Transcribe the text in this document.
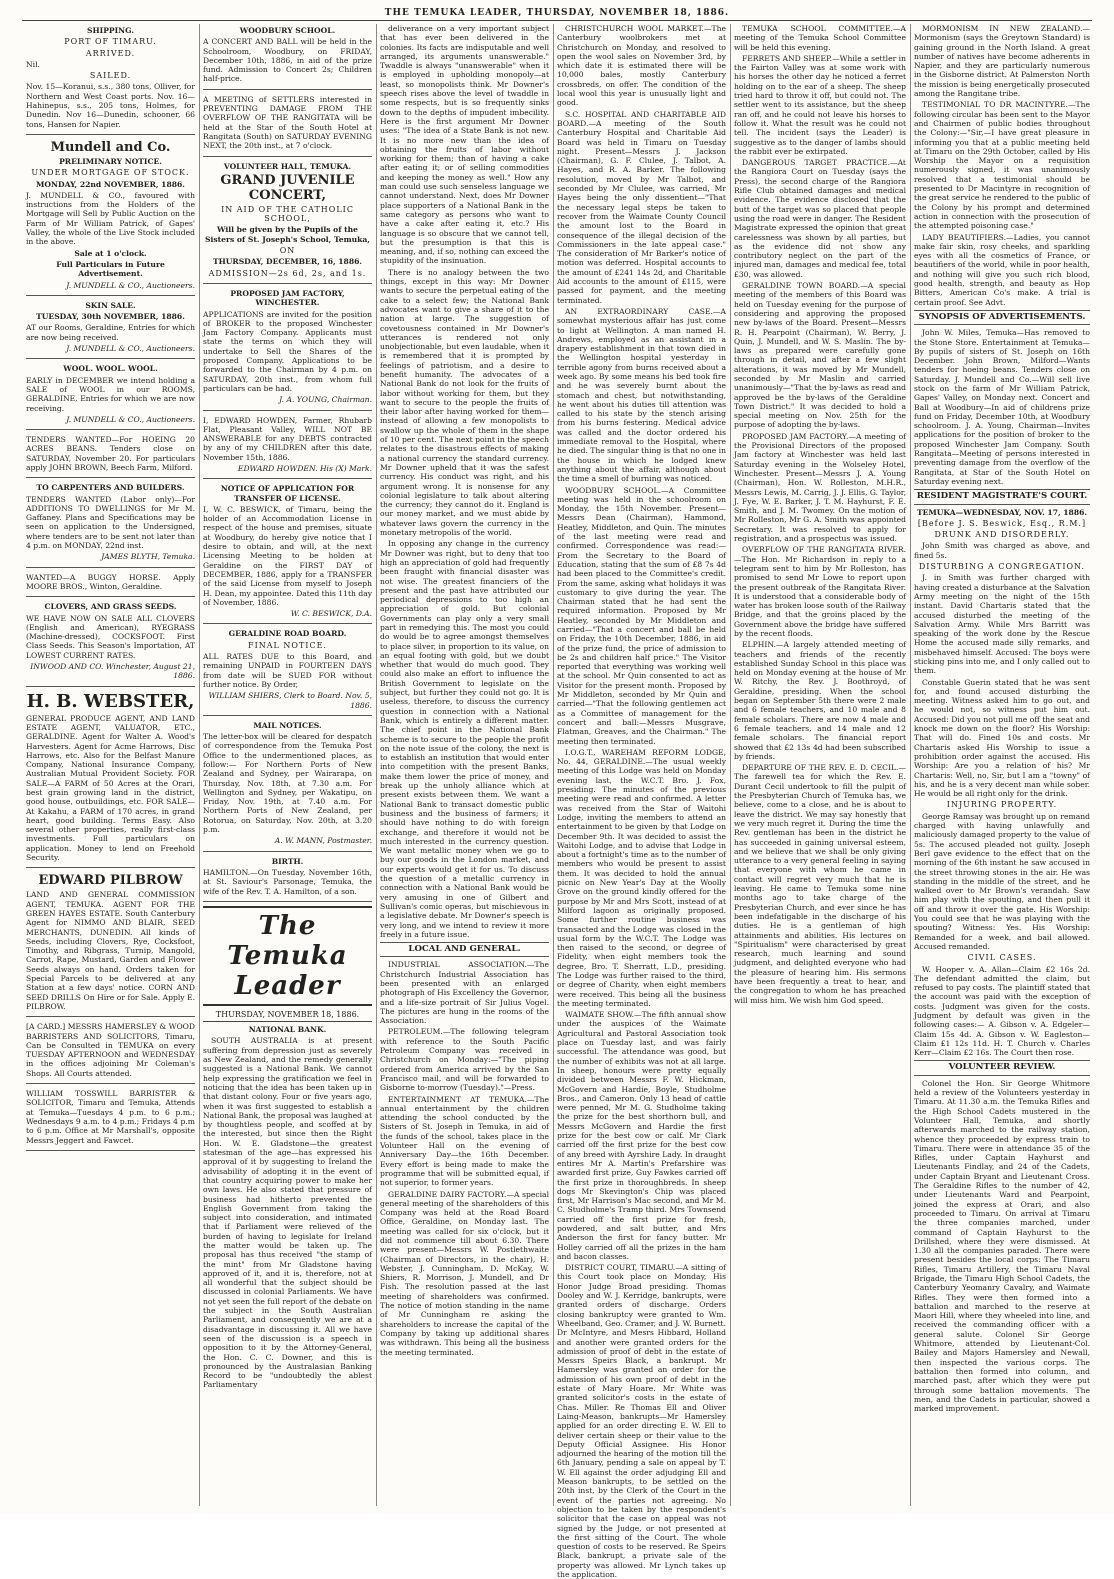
THE TEMUKA LEADER, THURSDAY, NOVEMBER 18, 1886.

SHIPPING.

PORT OF TIMARU.

ARRIVED.

Nil.

SAILED.

Nov. 15—Koranui, s.s., 380 tons, Olliver, for Northern and West Coast ports. Nov. 16—Hahinepus, s.s., 205 tons, Holmes, for Dunedin. Nov 16—Dunedin, schooner, 66 tons, Hansen for Napier.

Mundell and Co.

PRELIMINARY NOTICE.

UNDER MORTGAGE OF STOCK.

MONDAY, 22nd NOVEMBER, 1886.

J. MUNDELL & CO., favoured with instructions from the Holders of the Mortgage will Sell by Public Auction on the Farm of Mr William Patrick, of Gapes' Valley, the whole of the Live Stock included in the above.

Sale at 1 o'clock.

Full Particulars in Future Advertisement.

J. MUNDELL & CO., Auctioneers.

SKIN SALE.

TUESDAY, 30th NOVEMBER, 1886.

AT our Rooms, Geraldine, Entries for which are now being received.

J. MUNDELL & CO., Auctioneers.

WOOL. WOOL. WOOL.

EARLY in DECEMBER we intend holding a SALE of WOOL in our ROOMS, GERALDINE, Entries for which we are now receiving.

J. MUNDELL & CO., Auctioneers.

TENDERS WANTED—For HOEING 20 ACRES BEANS. Tenders close on SATURDAY, November 20. For particulars apply JOHN BROWN, Beech Farm, Milford.

TO CARPENTERS AND BUILDERS.

TENDERS WANTED (Labor only)—For ADDITIONS TO DWELLINGS for Mr M. Gaffaney. Plans and Specifications may be seen on application to the Undersigned, where tenders are to be sent not later than 4 p.m. on MONDAY, 22nd inst.

JAMES BLYTH, Temuka.

WANTED—A BUGGY HORSE. Apply MOORE BROS., Winton, Geraldine.

CLOVERS, AND GRASS SEEDS.

WE HAVE NOW ON SALE ALL CLOVERS (English and American), RYEGRASS (Machine-dressed), COCKSFOOT. First Class Seeds. This Season's Importation, AT LOWEST CURRENT RATES.

INWOOD AND CO. Winchester, August 21, 1886.

H. B. WEBSTER,

GENERAL PRODUCE AGENT, AND LAND ESTATE AGENT, VALUATOR, ETC., GERALDINE. Agent for Walter A. Wood's Harvesters. Agent for Acme Harrows, Disc Harrows, etc. Also for the Belfast Manure Company, National Insurance Company, Australian Mutual Provident Society. FOR SALE—A FARM of 50 Acres at the Orari, best grain growing land in the district, good house, outbuildings, etc. FOR SALE—At Kakahu, a FARM of 170 acres, in grand heart, good building. Terms Easy. Also several other properties, really first-class investments. Full particulars on application. Money to lend on Freehold Security.

EDWARD PILBROW

LAND AND GENERAL COMMISSION AGENT, TEMUKA. AGENT FOR THE GREEN HAYES ESTATE. South Canterbury Agent for NIMMO AND BLAIR, SEED MERCHANTS, DUNEDIN. All kinds of Seeds, including Clovers, Rye, Cocksfoot, Timothy, and Ribgrass, Turnip, Mangold, Carrot, Rape, Mustard, Garden and Flower Seeds always on hand. Orders taken for Special Parcels to be delivered at any Station at a few days' notice. CORN AND SEED DRILLS On Hire or for Sale. Apply E. PILBROW.

[A CARD.] MESSRS HAMERSLEY & WOOD BARRISTERS AND SOLICITORS, Timaru, Can be Consulted in TEMUKA on every TUESDAY AFTERNOON and WEDNESDAY in the offices adjoining Mr Coleman's Shops. All Courts attended.

WILLIAM TOSSWILL BARRISTER & SOLICITOR, Timaru and Temuka, Attends at Temuka—Tuesdays 4 p.m. to 6 p.m.; Wednesdays 9 a.m. to 4 p.m.; Fridays 4 p.m to 6 p.m. Office at Mr Marshall's, opposite Messrs Jeggert and Fawcet.

WOODBURY SCHOOL.

A CONCERT AND BALL will be held in the Schoolroom, Woodbury, on FRIDAY, December 10th, 1886, in aid of the prize fund. Admission to Concert 2s; Children half-price.

A MEETING of SETTLERS interested in PREVENTING DAMAGE FROM THE OVERFLOW OF THE RANGITATA will be held at the Star of the South Hotel at Rangitata (South) on SATURDAY EVENING NEXT, the 20th inst., at 7 o'clock.

VOLUNTEER HALL, TEMUKA.

GRAND JUVENILE CONCERT,

IN AID OF THE CATHOLIC SCHOOL,

Will be given by the Pupils of the Sisters of St. Joseph's School, Temuka,

ON

THURSDAY, DECEMBER, 16, 1886.

ADMISSION—2s 6d, 2s, and 1s.

PROPOSED JAM FACTORY, WINCHESTER.

APPLICATIONS are invited for the position of BROKER to the proposed Winchester Jam Factory Company. Applicants must state the terms on which they will undertake to Sell the Shares of the proposed Company. Applications to be forwarded to the Chairman by 4 p.m. on SATURDAY, 20th inst., from whom full particulars can be had.

J. A. YOUNG, Chairman.

I, EDWARD HOWDEN, Farmer, Rhubarb Flat, Pleasant Valley, WILL NOT BE ANSWERABLE for any DEBTS contracted by any of my CHILDREN after this date, November 15th, 1886.

EDWARD HOWDEN. His (X) Mark.

NOTICE OF APPLICATION FOR TRANSFER OF LICENSE.

I, W. C. BESWICK, of Timaru, being the holder of an Accommodation License in respect of the house and premises, situate at Woodbury, do hereby give notice that I desire to obtain, and will, at the next Licensing Meeting to be holden at Geraldine on the FIRST DAY of DECEMBER, 1886, apply for a TRANSFER of the said License from myself to Joseph H. Dean, my appointee. Dated this 11th day of November, 1886.

W. C. BESWICK, D.A.

GERALDINE ROAD BOARD.

FINAL NOTICE.

ALL RATES DUE to this Board, and remaining UNPAID in FOURTEEN DAYS from date will be SUED FOR without further notice. By Order,

WILLIAM SHIERS, Clerk to Board. Nov. 5, 1886.

MAIL NOTICES.

The letter-box will be cleared for despatch of correspondence from the Temuka Post Office to the undermentioned places, as follow:— For Northern Ports of New Zealand and Sydney, per Wairarapa, on Thursday, Nov. 18th, at 7.30 a.m. For Wellington and Sydney, per Wakatipu, on Friday, Nov. 19th, at 7.40 a.m. For Northern Ports of New Zealand, per Rotorua, on Saturday, Nov. 20th, at 3.20 p.m.

A. W. MANN, Postmaster.

BIRTH.

HAMILTON.—On Tuesday, November 16th, at St. Saviour's Parsonage, Temuka, the wife of the Rev. T. A. Hamilton, of a son.

The Temuka Leader

THURSDAY, NOVEMBER 18, 1886.

NATIONAL BANK.

SOUTH AUSTRALIA is at present suffering from depression just as severely as New Zealand, and the remedy generally suggested is a National Bank. We cannot help expressing the gratification we feel in noticing that the idea has been taken up in that distant colony. Four or five years ago, when it was first suggested to establish a National Bank, the proposal was laughed at by thoughtless people, and scoffed at by the interested, but since then the Right Hon. W. E. Gladstone—the greatest statesman of the age—has expressed his approval of it by suggesting to Ireland the advisability of adopting it in the event of that country acquiring power to make her own laws. He also stated that pressure of business had hitherto prevented the English Government from taking the subject into consideration, and intimated that if Parliament were relieved of the burden of having to legislate for Ireland the matter would be taken up. The proposal has thus received "the stamp of the mint" from Mr Gladstone having approved of it, and it is, therefore, not at all wonderful that the subject should be discussed in colonial Parliaments. We have not yet seen the full report of the debate on the subject in the South Australian Parliament, and consequently we are at a disadvantage in discussing it. All we have seen of the discussion is a speech in opposition to it by the Attorney-General, the Hon. C. C. Downer, and this is pronounced by the Australasian Banking Record to be "undoubtedly the ablest Parliamentary

deliverance on a very important subject that has ever been delivered in the colonies. Its facts are indisputable and well arranged, its arguments unanswerable." Twaddle is always "unanswerable" when it is employed in upholding monopoly—at least, so monopolists think. Mr Downer's speech rises above the level of twaddle in some respects, but is so frequently sinks down to the depths of impudent imbecility. Here is the first argument Mr Downer uses: "The idea of a State Bank is not new. It is no more new than the idea of obtaining the fruits of labor without working for them; than of having a cake after eating it; or of selling commodities and keeping the money as well." How any man could use such senseless language we cannot understand. Next, does Mr Downer place supporters of a National Bank in the same category as persons who want to have a cake after eating it, etc.? His language is so obscure that we cannot tell, but the presumption is that this is meaning, and, if so, nothing can exceed the stupidity of the insinuation.

There is no analogy between the two things, except in this way: Mr Downer wants to secure the perpetual eating of the cake to a select few; the National Bank advocates want to give a share of it to the nation at large. The suggestion of covetousness contained in Mr Downer's utterances is rendered not only unobjectionable, but even laudable, when it is remembered that it is prompted by feelings of patriotism, and a desire to benefit humanity. The advocates of a National Bank do not look for the fruits of labor without working for them, but they want to secure to the people the fruits of their labor after having worked for them—instead of allowing a few monopolists to swallow up the whole of them in the shape of 10 per cent. The next point in the speech relates to the disastrous effects of making a national currency the standard currency. Mr Downer upheld that it was the safest currency. His conduct was right, and his argument wrong. It is nonsense for any colonial legislature to talk about altering the currency; they cannot do it. England is our money market, and we must abide by whatever laws govern the currency in the monetary metropolis of the world.

In opposing any change in the currency Mr Downer was right, but to deny that too high an appreciation of gold had frequently been fraught with financial disaster was not wise. The greatest financiers of the present and the past have attributed our periodical depressions to too high an appreciation of gold. But colonial Governments can play only a very small part in remedying this. The most you could do would be to agree amongst themselves to place silver, in proportion to its value, on an equal footing with gold, but we doubt whether that would do much good. They could also make an effort to influence the British Government to legislate on the subject, but further they could not go. It is useless, therefore, to discuss the currency question in connection with a National Bank, which is entirely a different matter. The chief point in the National Bank scheme is to secure to the people the profit on the note issue of the colony, the next is to establish an institution that would enter into competition with the present Banks, make them lower the price of money, and break up the unholy alliance which at present exists between them. We want a National Bank to transact domestic public business and the business of farmers; it should have nothing to do with foreign exchange, and therefore it would not be much interested in the currency question. We want metallic money when we go to buy our goods in the London market, and our experts would get it for us. To discuss the question of a metallic currency in connection with a National Bank would be very amusing in one of Gilbert and Sullivan's comic operas, but mischievous in a legislative debate. Mr Downer's speech is very long, and we intend to review it more freely in a future issue.

LOCAL AND GENERAL.

INDUSTRIAL ASSOCIATION.—The Christchurch Industrial Association has been presented with an enlarged photograph of His Excellency the Governor, and a life-size portrait of Sir Julius Vogel. The pictures are hung in the rooms of the Association.

PETROLEUM.—The following telegram with reference to the South Pacific Petroleum Company was received in Christchurch on Monday:—"The piping ordered from America arrived by the San Francisco mail, and will be forwarded to Gisborne to-morrow (Tuesday)."—Press.

ENTERTAINMENT AT TEMUKA.—The annual entertainment by the children attending the school conducted by the Sisters of St. Joseph in Temuka, in aid of the funds of the school, takes place in the Volunteer Hall on the evening of Anniversary Day—the 16th December. Every effort is being made to make the programme that will be submitted equal, if not superior, to former years.

GERALDINE DAIRY FACTORY.—A special general meeting of the shareholders of this Company was held at the Road Board Office, Geraldine, on Monday last. The meeting was called for six o'clock, but it did not commence till about 6.30. There were present—Messrs W. Postlethwaite (Chairman of Directors, in the chair), H. Webster, J. Cunningham, D. McKay, W. Shiers, R. Morrison, J. Mundell, and Dr Fish. The resolution passed at the last meeting of shareholders was confirmed. The notice of motion standing in the name of Mr Cunningham re asking the shareholders to increase the capital of the Company by taking up additional shares was withdrawn. This being all the business the meeting terminated.

CHRISTCHURCH WOOL MARKET.—The Canterbury woolbrokers met at Christchurch on Monday, and resolved to open the wool sales on November 3rd, by which date it is estimated there will be 10,000 bales, mostly Canterbury crossbreds, on offer. The condition of the local wool this year is unusually light and good.

S.C. HOSPITAL AND CHARITABLE AID BOARD.—A meeting of the South Canterbury Hospital and Charitable Aid Board was held in Timaru on Tuesday night. Present—Messrs J. Jackson (Chairman), G. F. Clulee, J. Talbot, A. Hayes, and R. A. Barker. The following resolution, moved by Mr Talbot, and seconded by Mr Clulee, was carried, Mr Hayes being the only dissentient—"That the necessary legal steps be taken to recover from the Waimate County Council the amount lost to the Board in consequence of the illegal decision of the Commissioners in the late appeal case." The consideration of Mr Barker's notice of motion was deferred. Hospital accounts to the amount of £241 14s 2d, and Charitable Aid accounts to the amount of £115, were passed for payment, and the meeting terminated.

AN EXTRAORDINARY CASE.—A somewhat mysterious affair has just come to light at Wellington. A man named H. Andrews, employed as an assistant in a drapery establishment in that town died in the Wellington hospital yesterday in terrible agony from burns received about a week ago. By some means his bed took fire and he was severely burnt about the stomach and chest, but notwithstanding, he went about his duties till attention was called to his state by the stench arising from his burns festering. Medical advice was called and the doctor ordered his immediate removal to the Hospital, where he died. The singular thing is that no one in the house in which he lodged knew anything about the affair, although about the time a smell of burning was noticed.

WOODBURY SCHOOL.—A Committee meeting was held in the schoolroom on Monday, the 15th November. Present—Messrs Dean (Chairman), Hammond, Heatley, Middleton, and Quin. The minutes of the last meeting were read and confirmed. Correspondence was read:—From the Secretary to the Board of Education, stating that the sum of £8 7s 4d had been placed to the Committee's credit. From the same, asking what holidays it was customary to give during the year. The Chairman stated that he had sent the required information. Proposed by Mr Heatley, seconded by Mr Middleton and carried—"That a concert and ball be held on Friday, the 10th December, 1886, in aid of the prize fund, the price of admission to be 2s and children half price." The Visitor reported that everything was working well at the school. Mr Quin consented to act as Visitor for the present month. Proposed by Mr Middleton, seconded by Mr Quin and carried—"That the following gentlemen act as a Committee of management for the concert and ball:—Messrs Musgrave, Flatman, Greaves, and the Chairman." The meeting then terminated.

I.O.G.T., WAREHAM REFORM LODGE, No. 44, GERALDINE.—The usual weekly meeting of this Lodge was held on Monday evening last, the W.C.T. Bro. J. Fox, presiding. The minutes of the previous meeting were read and confirmed. A letter was received from the Star of Waitohi Lodge, inviting the members to attend an entertainment to be given by that Lodge on December 9th. It was decided to assist the Waitohi Lodge, and to advise that Lodge in about a fortnight's time as to the number of members who would be present to assist them. It was decided to hold the annual picnic on New Year's Day at the Woolly Grove on the ground kindly offered for the purpose by Mr and Mrs Scott, instead of at Milford lagoon as originally proposed. Some further routine business was transacted and the Lodge was closed in the usual form by the W.C.T. The Lodge was then raised to the second, or degree of Fidelity, when eight members took the degree, Bro. T. Sherratt, L.D., presiding. The Lodge was further raised to the third, or degree of Charity, when eight members were received. This being all the business the meeting terminated.

WAIMATE SHOW.—The fifth annual show under the auspices of the Waimate Agricultural and Pastoral Association took place on Tuesday last, and was fairly successful. The attendance was good, but the number of exhibits was not at all large. In sheep, honours were pretty equally divided between Messrs F. W. Hickman, McGovern and Hardie, Boyle, Studholme Bros., and Cameron. Only 13 head of cattle were penned, Mr M. G. Studholme taking the prize for the best shorthorn bull, and Messrs McGovern and Hardie the first prize for the best cow or calf. Mr Clark carried off the first prize for the best cow of any breed with Ayrshire Lady. In draught entires Mr A. Martin's Prefarshire was awarded first prize, Guy Fawkes carried off the first prize in thoroughbreds. In sheep dogs Mr Skevington's Chip was placed first, Mr Harrison's Mac second, and Mr M. C. Studholme's Tramp third. Mrs Townsend carried off the first prize for fresh, powdered, and salt butter, and Mrs Anderson the first for fancy butter. Mr Holley carried off all the prizes in the ham and bacon classes.

DISTRICT COURT, TIMARU.—A sitting of this Court took place on Monday, His Honor Judge Broad presiding. Thomas Dooley and W. J. Kerridge, bankrupts, were granted orders of discharge. Orders closing bankruptcy were granted to Wm. Wheelband, Geo. Cramer, and J. W. Burnett. Dr McIntyre, and Mesrs Hibbard, Holland and another were granted orders for the admission of proof of debt in the estate of Messrs Speirs Black, a bankrupt. Mr Hamersley was granted an order for the admission of his own proof of debt in the estate of Mary Hoare. Mr White was granted solicitor's costs in the estate of Chas. Miller. Re Thomas Ell and Oliver Laing-Meason, bankrupts—Mr Hamersley applied for an order directing E. W. Ell to deliver certain sheep or their value to the Deputy Official Assignee. His Honor adjourned the hearing of the motion till the 6th January, pending a sale on appeal by T. W. Ell against the order adjudging Ell and Meason bankrupts, to be settled on the 20th inst, by the Clerk of the Court in the event of the parties not agreeing. No objection to be taken by the respondent's solicitor that the case on appeal was not signed by the Judge, or not presented at the first sitting of the Court. The whole question of costs to be reserved. Re Speirs Black, bankrupt, a private sale of the property was allowed. Mr Lynch takes up the application.

TEMUKA SCHOOL COMMITTEE.—A meeting of the Temuka School Committee will be held this evening.

FERRETS AND SHEEP.—While a settler in the Fairton Valley was at some work with his horses the other day he noticed a ferret holding on to the ear of a sheep. The sheep tried hard to throw it off, but could not. The settler went to its assistance, but the sheep ran off, and he could not leave his horses to follow it. What the result was he could not tell. The incident (says the Leader) is suggestive as to the danger of lambs should the rabbit ever be extirpated.

DANGEROUS TARGET PRACTICE.—At the Rangiora Court on Tuesday (says the Press), the second charge of the Rangiora Rifle Club obtained damages and medical evidence. The evidence disclosed that the butt of the target was so placed that people using the road were in danger. The Resident Magistrate expressed the opinion that great carelessness was shown by all parties, but as the evidence did not show any contributory neglect on the part of the injured man, damages and medical fee, total £30, was allowed.

GERALDINE TOWN BOARD.—A special meeting of the members of this Board was held on Tuesday evening for the purpose of considering and approving the proposed new by-laws of the Board. Present—Messrs R. H. Pearpoint (Chairman), W. Berry, J. Quin, J. Mundell, and W. S. Maslin. The by-laws as prepared were carefully gone through in detail, and after a few slight alterations, it was moved by Mr Mundell, seconded by Mr Maslin and carried unanimously—"That the by-laws as read and approved be the by-laws of the Geraldine Town District." It was decided to hold a special meeting on Nov. 25th for the purpose of adopting the by-laws.

PROPOSED JAM FACTORY.—A meeting of the Provisional Directors of the proposed Jam factory at Winchester was held last Saturday evening in the Wolseley Hotel, Winchester. Present—Messrs J. A. Young (Chairman), Hon. W. Rolleston, M.H.R., Messrs Lewis, M. Carrig, J. J. Ellis, G. Taylor, J. Fye, W. E. Barker, J. T. M. Hayhurst, F. E. Smith, and J. M. Twomey. On the motion of Mr Rolleston, Mr G. A. Smith was appointed Secretary. It was resolved to apply for registration, and a prospectus was issued.

OVERFLOW OF THE RANGITATA RIVER.—The Hon. Mr Richardson in reply to a telegram sent to him by Mr Rolleston, has promised to send Mr Lowe to report upon the present outbreak of the Rangitata River. It is understood that a considerable body of water has broken loose south of the Railway Bridge, and that the groins placed by the Government above the bridge have suffered by the recent floods.

ELPHIN.—A largely attended meeting of teachers and friends of the recently established Sunday School in this place was held on Monday evening at the house of Mr W. Ritchy, the Rev. J. Boothroyd, of Geraldine, presiding. When the school began on September 5th there were 2 male and 6 female teachers, and 10 male and 8 female scholars. There are now 4 male and 6 female teachers, and 14 male and 12 female scholars. The financial report showed that £2 13s 4d had been subscribed by friends.

DEPARTURE OF THE REV. E. D. CECIL.—The farewell tea for which the Rev. E. Durant Cecil undertook to fill the pulpit of the Presbyterian Church of Temuka has, we believe, come to a close, and he is about to leave the district. We may say honestly that we very much regret it. During the time the Rev. gentleman has been in the district he has succeeded in gaining universal esteem, and we believe that we shall be only giving utterance to a very general feeling in saying that everyone with whom he came in contact will regret very much that he is leaving. He came to Temuka some nine months ago to take charge of the Presbyterian Church, and ever since he has been indefatigable in the discharge of his duties. He is a gentleman of high attainments and abilities. His lectures on "Spiritualism" were characterised by great research, much learning and sound judgment, and delighted everyone who had the pleasure of hearing him. His sermons have been frequently a treat to hear, and the congregation to whom he has preached will miss him. We wish him God speed.

MORMONISM IN NEW ZEALAND.—Mormonism (says the Greytown Standard) is gaining ground in the North Island. A great number of natives have become adherents in Napier, and they are particularly numerous in the Gisborne district. At Palmerston North the mission is being energetically prosecuted among the Rangitane tribe.

TESTIMONIAL TO DR MACINTYRE.—The following circular has been sent to the Mayor and Chairmen of public bodies throughout the Colony:—"Sir,—I have great pleasure in informing you that at a public meeting held at Timaru on the 29th October, called by His Worship the Mayor on a requisition numerously signed, it was unanimously resolved that a testimonial should be presented to Dr Macintyre in recognition of the great service he rendered to the public of the Colony by his prompt and determined action in connection with the prosecution of the attempted poisoning case."

LADY BEAUTIFIERS.—Ladies, you cannot make fair skin, rosy cheeks, and sparkling eyes with all the cosmetics of France, or beautifiers of the world, while in poor health, and nothing will give you such rich blood, good health, strength, and beauty as Hop Bitters, American Co's make. A trial is certain proof. See Advt.

SYNOPSIS OF ADVERTISEMENTS.

John W. Miles, Temuka—Has removed to the Stone Store. Entertainment at Temuka—By pupils of sisters of St. Joseph on 16th December. John Brown, Milford—Wants tenders for hoeing beans. Tenders close on Saturday. J. Mundell and Co.—Will sell live stock on the farm of Mr William Patrick, Gapes' Valley, on Monday next. Concert and Ball at Woodbury—In aid of childrens prize fund on Friday, December 10th, at Woodbury schoolroom. J. A. Young, Chairman—Invites applications for the position of broker to the proposed Winchester Jam Company. South Rangitata—Meeting of persons interested in preventing damage from the overflow of the Rangitata, at Star of the South Hotel on Saturday evening next.

RESIDENT MAGISTRATE'S COURT.

TEMUKA—WEDNESDAY, NOV. 17, 1886.

[Before J. S. Beswick, Esq., R.M.]

DRUNK AND DISORDERLY.

John Smith was charged as above, and fined 5s.

DISTURBING A CONGREGATION.

J. in Smith was further charged with having created a disturbance at the Salvation Army meeting on the night of the 15th instant. David Chartaris stated that the accused disturbed the meeting of the Salvation Army. While Mrs Barritt was speaking of the work done by the Rescue Home the accused made silly remarks, and misbehaved himself. Accused: The boys were sticking pins into me, and I only called out to them.

Constable Guerin stated that he was sent for, and found accused disturbing the meeting. Witness asked him to go out, and he would not, so witness put him out. Accused: Did you not pull me off the seat and knock me down on the floor? His Worship: That will do. Fined 10s and costs. Mr Chartaris asked His Worship to issue a prohibition order against the accused. His Worship: Are you a relation of his? Mr Chartaris: Well, no, Sir, but I am a "towny" of his, and he is a very decent man while sober. He would be all right only for the drink.

INJURING PROPERTY.

George Ramsay was brought up on remand charged with having unlawfully and maliciously damaged property to the value of 5s. The accused pleaded not guilty. Joseph Berl gave evidence to the effect that on the morning of the 6th instant he saw accused in the street throwing stones in the air. He was standing in the middle of the street, and he walked over to Mr Brown's verandah. Saw him play with the spouting, and then pull it off and throw it over the gate. His Worship: You could see that he was playing with the spouting? Witness: Yes. His Worship: Remanded for a week, and bail allowed. Accused remanded.

CIVIL CASES.

W. Hooper v. A. Allan—Claim £2 16s 2d. The defendant admitted the claim, but refused to pay costs. The plaintiff stated that the account was paid with the exception of costs. Judgment was given for the costs. Judgment by default was given in the following cases:— A. Gibson v. A. Edgeler—Claim 15s 4d. A. Gibson v. W. Eagleston—Claim £1 12s 11d. H. T. Church v. Charles Kerr—Claim £2 16s. The Court then rose.

VOLUNTEER REVIEW.

Colonel the Hon. Sir George Whitmore held a review of the Volunteers yesterday in Timaru. At 11.30 a.m. the Temuka Rifles and the High School Cadets mustered in the Volunteer Hall, Temuka, and shortly afterwards marched to the railway station, whence they proceeded by express train to Timaru. There were in attendance 35 of the Rifles, under Captain Hayhurst and Lieutenants Findlay, and 24 of the Cadets, under Captain Bryant and Lieutenant Cross. The Geraldine Rifles to the number of 42, under Lieutenants Ward and Pearpoint, joined the express at Orari, and also proceeded to Timaru. On arrival at Timaru the three companies marched, under command of Captain Hayhurst to the Drillshed, where they were dismissed. At 1.30 all the companies paraded. There were present besides the local corps: The Timaru Rifles, Timaru Artillery, the Timaru Naval Brigade, the Timaru High School Cadets, the Canterbury Yeomanry Cavalry, and Waimate Rifles. They were then formed into a battalion and marched to the reserve at Maori Hill, where they wheeled into line, and received the commanding officer with a general salute. Colonel Sir George Whitmore, attended by Lieutenant-Col. Bailey and Majors Hamersley and Newall, then inspected the various corps. The battalion then formed into column, and marched past, after which they were put through some battalion movements. The men, and the Cadets in particular, showed a marked improvement.
